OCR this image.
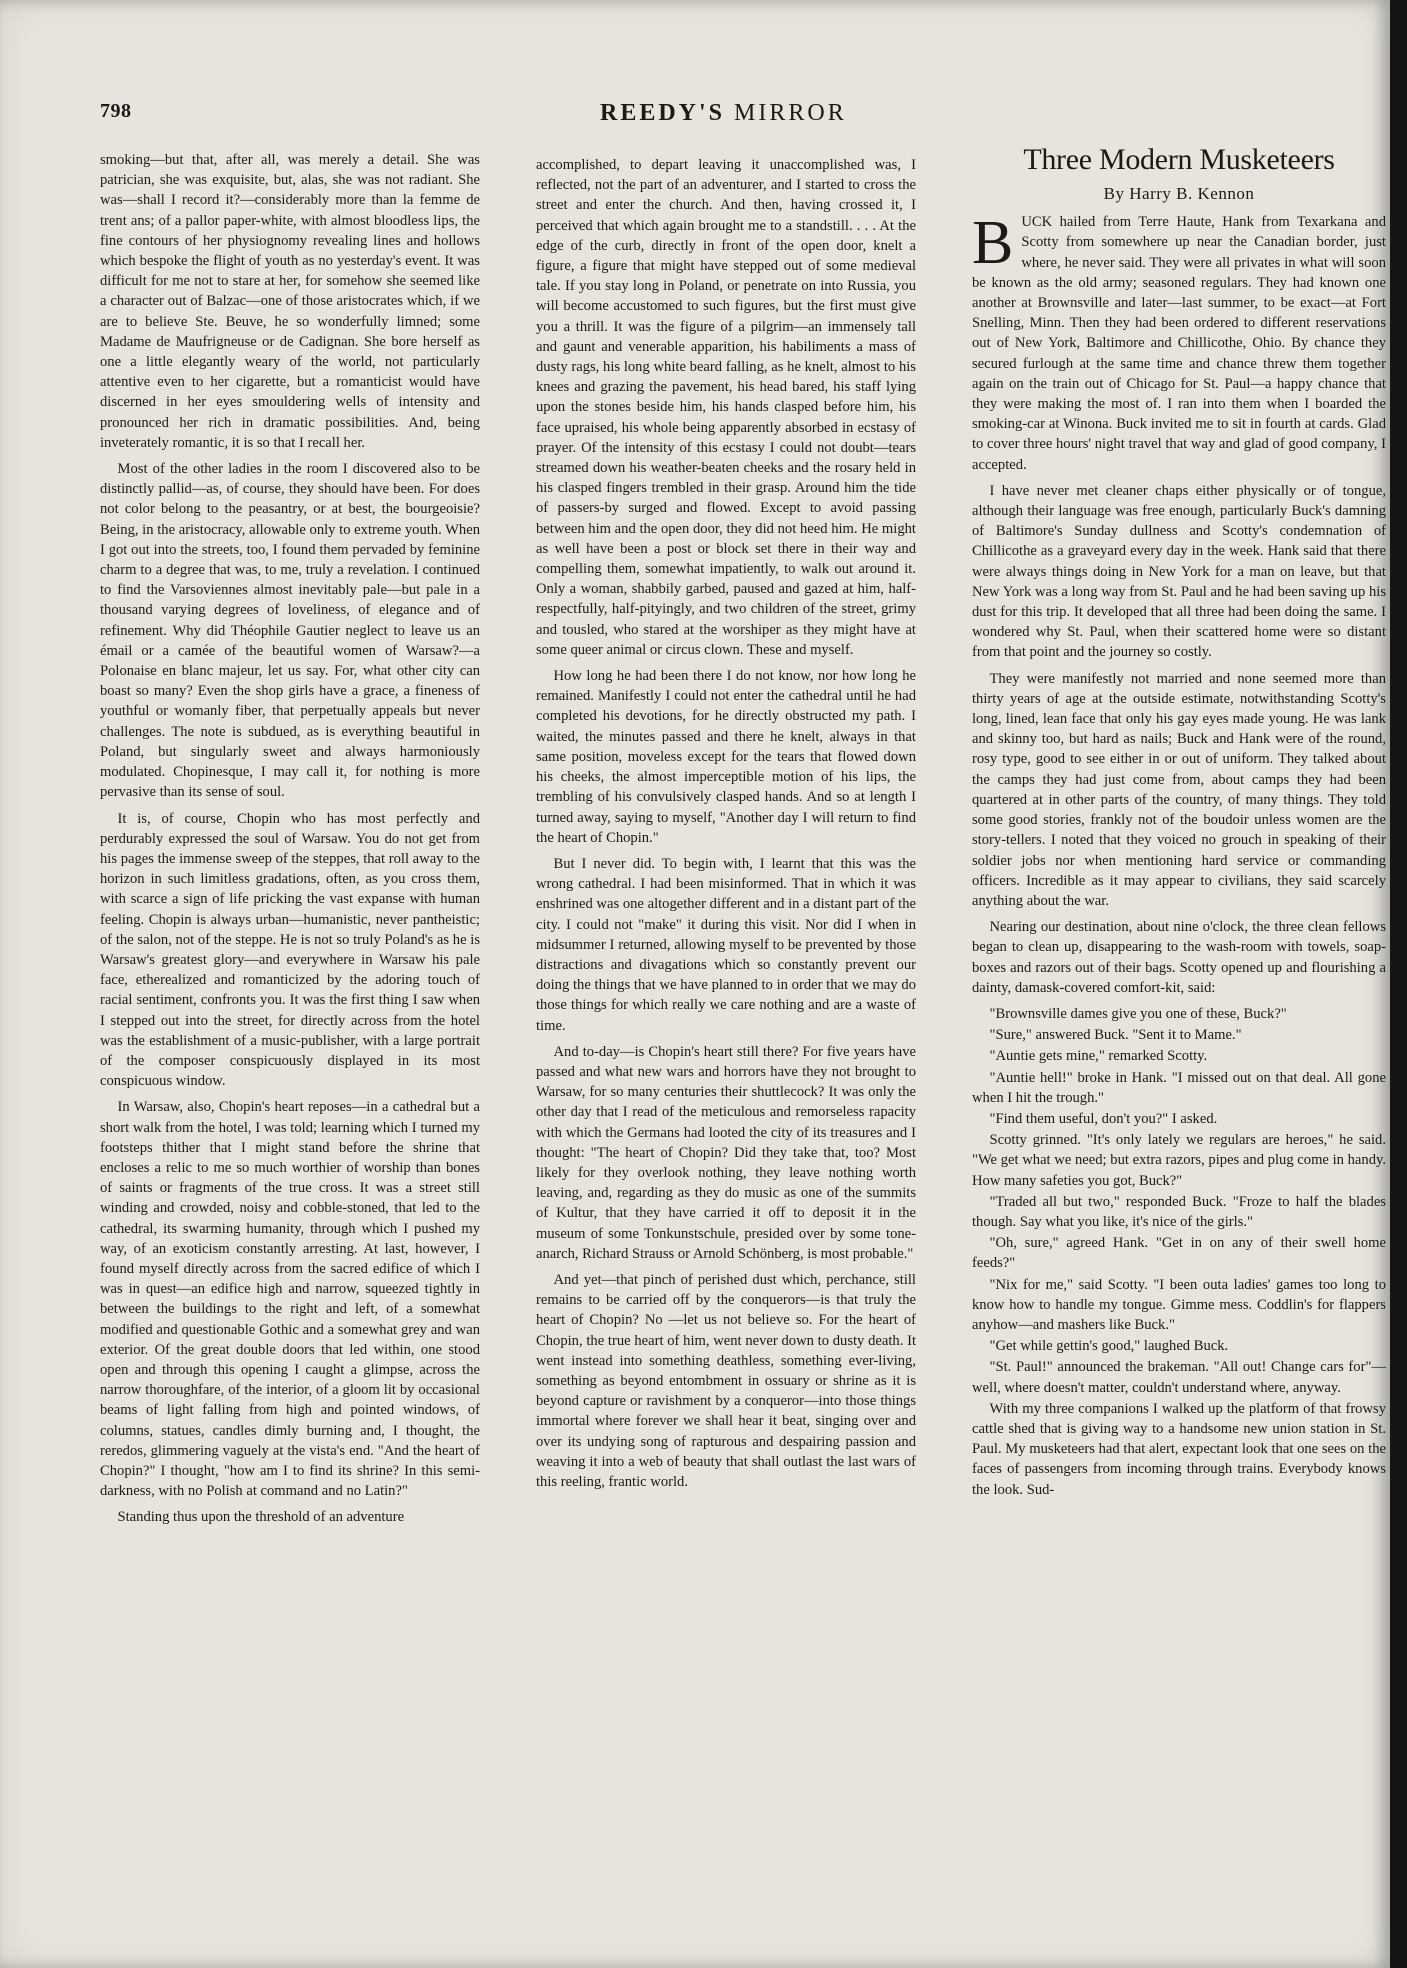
798	REEDY'S MIRROR

smoking—but that, after all, was merely a detail. She was patrician, she was exquisite, but, alas, she was not radiant. She was—shall I record it?—considerably more than la femme de trent ans; of a pallor paper-white, with almost bloodless lips, the fine contours of her physiognomy revealing lines and hollows which bespoke the flight of youth as no yesterday's event. It was difficult for me not to stare at her, for somehow she seemed like a character out of Balzac—one of those aristocrates which, if we are to believe Ste. Beuve, he so wonderfully limned; some Madame de Maufrigneuse or de Cadignan. She bore herself as one a little elegantly weary of the world, not particularly attentive even to her cigarette, but a romanticist would have discerned in her eyes smouldering wells of intensity and pronounced her rich in dramatic possibilities. And, being inveterately romantic, it is so that I recall her.

Most of the other ladies in the room I discovered also to be distinctly pallid—as, of course, they should have been. For does not color belong to the peasantry, or at best, the bourgeoisie? Being, in the aristocracy, allowable only to extreme youth. When I got out into the streets, too, I found them pervaded by feminine charm to a degree that was, to me, truly a revelation. I continued to find the Varsoviennes almost inevitably pale—but pale in a thousand varying degrees of loveliness, of elegance and of refinement. Why did Théophile Gautier neglect to leave us an émail or a camée of the beautiful women of Warsaw?—a Polonaise en blanc majeur, let us say. For, what other city can boast so many? Even the shop girls have a grace, a fineness of youthful or womanly fiber, that perpetually appeals but never challenges. The note is subdued, as is everything beautiful in Poland, but singularly sweet and always harmoniously modulated. Chopinesque, I may call it, for nothing is more pervasive than its sense of soul.

It is, of course, Chopin who has most perfectly and perdurably expressed the soul of Warsaw. You do not get from his pages the immense sweep of the steppes, that roll away to the horizon in such limitless gradations, often, as you cross them, with scarce a sign of life pricking the vast expanse with human feeling. Chopin is always urban—humanistic, never pantheistic; of the salon, not of the steppe. He is not so truly Poland's as he is Warsaw's greatest glory—and everywhere in Warsaw his pale face, etherealized and romanticized by the adoring touch of racial sentiment, confronts you. It was the first thing I saw when I stepped out into the street, for directly across from the hotel was the establishment of a music-publisher, with a large portrait of the composer conspicuously displayed in its most conspicuous window.

In Warsaw, also, Chopin's heart reposes—in a cathedral but a short walk from the hotel, I was told; learning which I turned my footsteps thither that I might stand before the shrine that encloses a relic to me so much worthier of worship than bones of saints or fragments of the true cross. It was a street still winding and crowded, noisy and cobble-stoned, that led to the cathedral, its swarming humanity, through which I pushed my way, of an exoticism constantly arresting. At last, however, I found myself directly across from the sacred edifice of which I was in quest—an edifice high and narrow, squeezed tightly in between the buildings to the right and left, of a somewhat modified and questionable Gothic and a somewhat grey and wan exterior. Of the great double doors that led within, one stood open and through this opening I caught a glimpse, across the narrow thoroughfare, of the interior, of a gloom lit by occasional beams of light falling from high and pointed windows, of columns, statues, candles dimly burning and, I thought, the reredos, glimmering vaguely at the vista's end. "And the heart of Chopin?" I thought, "how am I to find its shrine? In this semi-darkness, with no Polish at command and no Latin?"

Standing thus upon the threshold of an adventure

accomplished, to depart leaving it unaccomplished was, I reflected, not the part of an adventurer, and I started to cross the street and enter the church. And then, having crossed it, I perceived that which again brought me to a standstill. . . . At the edge of the curb, directly in front of the open door, knelt a figure, a figure that might have stepped out of some medieval tale. If you stay long in Poland, or penetrate on into Russia, you will become accustomed to such figures, but the first must give you a thrill. It was the figure of a pilgrim—an immensely tall and gaunt and venerable apparition, his habiliments a mass of dusty rags, his long white beard falling, as he knelt, almost to his knees and grazing the pavement, his head bared, his staff lying upon the stones beside him, his hands clasped before him, his face upraised, his whole being apparently absorbed in ecstasy of prayer. Of the intensity of this ecstasy I could not doubt—tears streamed down his weather-beaten cheeks and the rosary held in his clasped fingers trembled in their grasp. Around him the tide of passers-by surged and flowed. Except to avoid passing between him and the open door, they did not heed him. He might as well have been a post or block set there in their way and compelling them, somewhat impatiently, to walk out around it. Only a woman, shabbily garbed, paused and gazed at him, half-respectfully, half-pityingly, and two children of the street, grimy and tousled, who stared at the worshiper as they might have at some queer animal or circus clown. These and myself.

How long he had been there I do not know, nor how long he remained. Manifestly I could not enter the cathedral until he had completed his devotions, for he directly obstructed my path. I waited, the minutes passed and there he knelt, always in that same position, moveless except for the tears that flowed down his cheeks, the almost imperceptible motion of his lips, the trembling of his convulsively clasped hands. And so at length I turned away, saying to myself, "Another day I will return to find the heart of Chopin."

But I never did. To begin with, I learnt that this was the wrong cathedral. I had been misinformed. That in which it was enshrined was one altogether different and in a distant part of the city. I could not "make" it during this visit. Nor did I when in midsummer I returned, allowing myself to be prevented by those distractions and divagations which so constantly prevent our doing the things that we have planned to in order that we may do those things for which really we care nothing and are a waste of time.

And to-day—is Chopin's heart still there? For five years have passed and what new wars and horrors have they not brought to Warsaw, for so many centuries their shuttlecock? It was only the other day that I read of the meticulous and remorseless rapacity with which the Germans had looted the city of its treasures and I thought: "The heart of Chopin? Did they take that, too? Most likely for they overlook nothing, they leave nothing worth leaving, and, regarding as they do music as one of the summits of Kultur, that they have carried it off to deposit it in the museum of some Tonkunstschule, presided over by some tone-anarch, Richard Strauss or Arnold Schönberg, is most probable."

And yet—that pinch of perished dust which, perchance, still remains to be carried off by the conquerors—is that truly the heart of Chopin? No —let us not believe so. For the heart of Chopin, the true heart of him, went never down to dusty death. It went instead into something deathless, something ever-living, something as beyond entombment in ossuary or shrine as it is beyond capture or ravishment by a conqueror—into those things immortal where forever we shall hear it beat, singing over and over its undying song of rapturous and despairing passion and weaving it into a web of beauty that shall outlast the last wars of this reeling, frantic world.

Three Modern Musketeers
By Harry B. Kennon

BUCK hailed from Terre Haute, Hank from Texarkana and Scotty from somewhere up near the Canadian border, just where, he never said. They were all privates in what will soon be known as the old army; seasoned regulars. They had known one another at Brownsville and later—last summer, to be exact—at Fort Snelling, Minn. Then they had been ordered to different reservations out of New York, Baltimore and Chillicothe, Ohio. By chance they secured furlough at the same time and chance threw them together again on the train out of Chicago for St. Paul—a happy chance that they were making the most of. I ran into them when I boarded the smoking-car at Winona. Buck invited me to sit in fourth at cards. Glad to cover three hours' night travel that way and glad of good company, I accepted.

I have never met cleaner chaps either physically or of tongue, although their language was free enough, particularly Buck's damning of Baltimore's Sunday dullness and Scotty's condemnation of Chillicothe as a graveyard every day in the week. Hank said that there were always things doing in New York for a man on leave, but that New York was a long way from St. Paul and he had been saving up his dust for this trip. It developed that all three had been doing the same. I wondered why St. Paul, when their scattered home were so distant from that point and the journey so costly.

They were manifestly not married and none seemed more than thirty years of age at the outside estimate, notwithstanding Scotty's long, lined, lean face that only his gay eyes made young. He was lank and skinny too, but hard as nails; Buck and Hank were of the round, rosy type, good to see either in or out of uniform. They talked about the camps they had just come from, about camps they had been quartered at in other parts of the country, of many things. They told some good stories, frankly not of the boudoir unless women are the story-tellers. I noted that they voiced no grouch in speaking of their soldier jobs nor when mentioning hard service or commanding officers. Incredible as it may appear to civilians, they said scarcely anything about the war.

Nearing our destination, about nine o'clock, the three clean fellows began to clean up, disappearing to the wash-room with towels, soap-boxes and razors out of their bags. Scotty opened up and flourishing a dainty, damask-covered comfort-kit, said:

"Brownsville dames give you one of these, Buck?"

"Sure," answered Buck. "Sent it to Mame."

"Auntie gets mine," remarked Scotty.

"Auntie hell!" broke in Hank. "I missed out on that deal. All gone when I hit the trough."

"Find them useful, don't you?" I asked.

Scotty grinned. "It's only lately we regulars are heroes," he said. "We get what we need; but extra razors, pipes and plug come in handy. How many safeties you got, Buck?"

"Traded all but two," responded Buck. "Froze to half the blades though. Say what you like, it's nice of the girls."

"Oh, sure," agreed Hank. "Get in on any of their swell home feeds?"

"Nix for me," said Scotty. "I been outa ladies' games too long to know how to handle my tongue. Gimme mess. Coddlin's for flappers anyhow—and mashers like Buck."

"Get while gettin's good," laughed Buck.

"St. Paul!" announced the brakeman. "All out! Change cars for"—well, where doesn't matter, couldn't understand where, anyway.

With my three companions I walked up the platform of that frowsy cattle shed that is giving way to a handsome new union station in St. Paul. My musketeers had that alert, expectant look that one sees on the faces of passengers from incoming through trains. Everybody knows the look. Sud-
